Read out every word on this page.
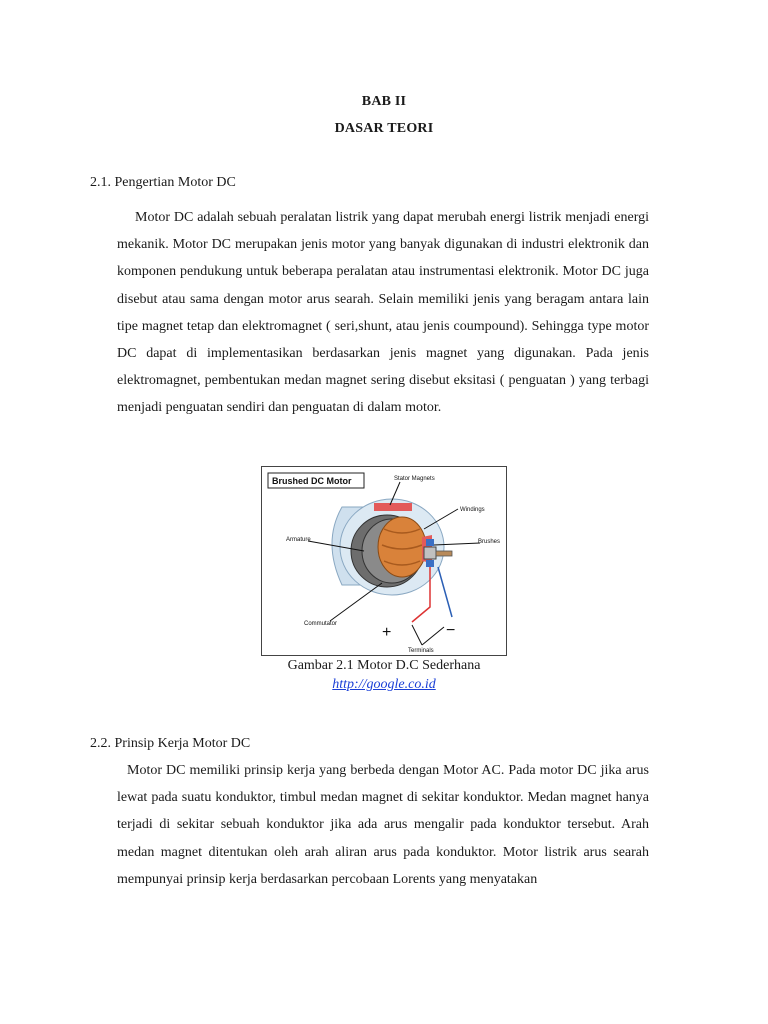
BAB II
DASAR TEORI
2.1. Pengertian Motor DC

Motor DC adalah sebuah peralatan listrik yang dapat merubah energi listrik menjadi energi mekanik. Motor DC merupakan jenis motor yang banyak digunakan di industri elektronik dan komponen pendukung untuk beberapa peralatan atau instrumentasi elektronik. Motor DC juga disebut atau sama dengan motor arus searah. Selain memiliki jenis yang beragam antara lain tipe magnet tetap dan elektromagnet ( seri,shunt, atau jenis coumpound). Sehingga type motor DC dapat di implementasikan berdasarkan jenis magnet yang digunakan. Pada jenis elektromagnet, pembentukan medan magnet sering disebut eksitasi ( penguatan ) yang terbagi menjadi penguatan sendiri dan penguatan di dalam motor.

Brushed DC Motor	Stator Magnets
Windings
Armature	Brushes
Commutator
Terminals
+	−
Gambar 2.1 Motor D.C Sederhana
http://google.co.id
2.2. Prinsip Kerja Motor DC

Motor DC memiliki prinsip kerja yang berbeda dengan Motor AC. Pada motor DC jika arus lewat pada suatu konduktor, timbul medan magnet di sekitar konduktor. Medan magnet hanya terjadi di sekitar sebuah konduktor jika ada arus mengalir pada konduktor tersebut. Arah medan magnet ditentukan oleh arah aliran arus pada konduktor. Motor listrik arus searah mempunyai prinsip kerja berdasarkan percobaan Lorents yang menyatakan
